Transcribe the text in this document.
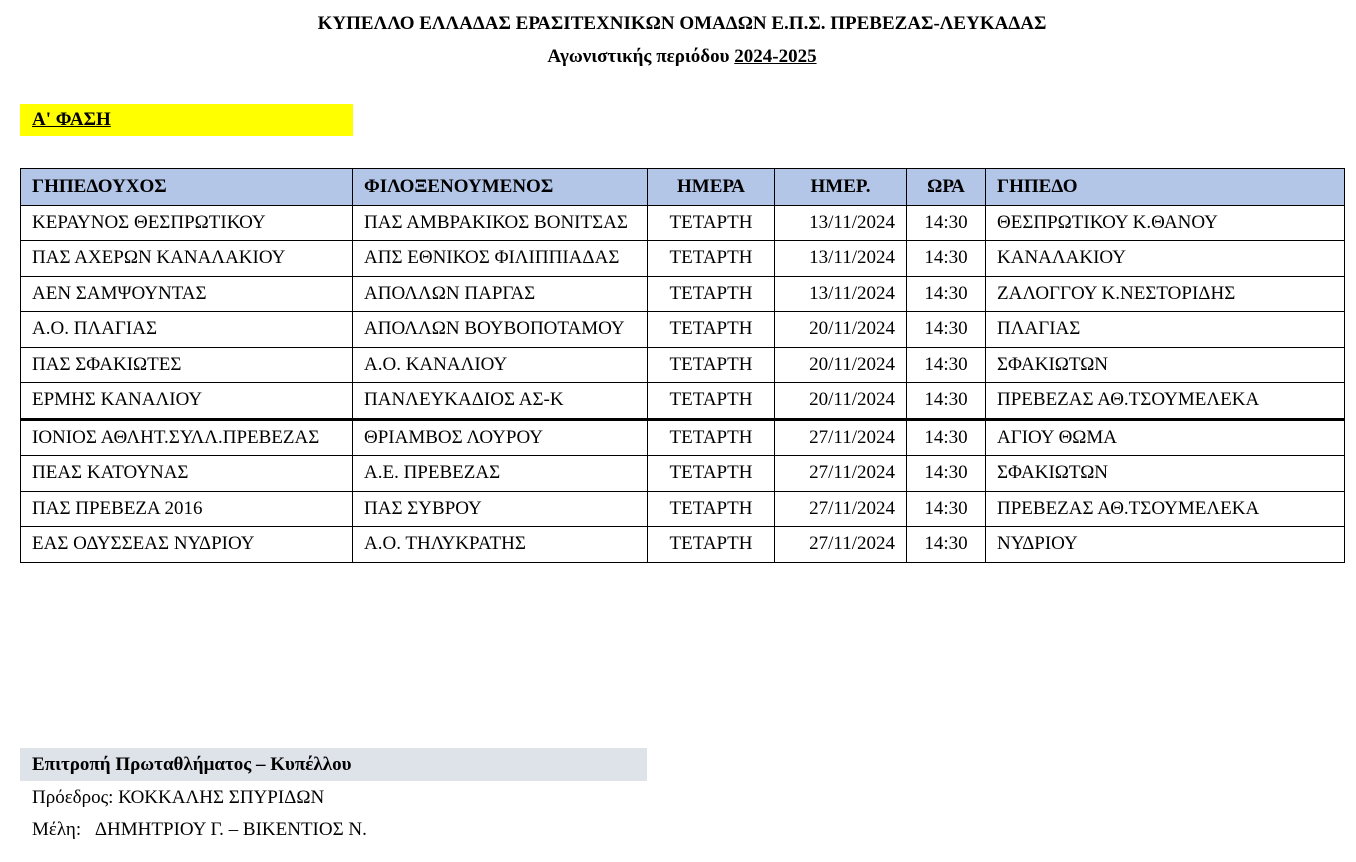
ΚΥΠΕΛΛΟ ΕΛΛΑΔΑΣ ΕΡΑΣΙΤΕΧΝΙΚΩΝ ΟΜΑΔΩΝ Ε.Π.Σ. ΠΡΕΒΕΖΑΣ-ΛΕΥΚΑΔΑΣ
Αγωνιστικής περιόδου 2024-2025
Α' ΦΑΣΗ
ΓΗΠΕΔΟΥΧΟΣ	ΦΙΛΟΞΕΝΟΥΜΕΝΟΣ	ΗΜΕΡΑ	ΗΜΕΡ.	ΩΡΑ	ΓΗΠΕΔΟ
ΚΕΡΑΥΝΟΣ ΘΕΣΠΡΩΤΙΚΟΥ	ΠΑΣ ΑΜΒΡΑΚΙΚΟΣ ΒΟΝΙΤΣΑΣ	ΤΕΤΑΡΤΗ	13/11/2024	14:30	ΘΕΣΠΡΩΤΙΚΟΥ Κ.ΘΑΝΟΥ
ΠΑΣ ΑΧΕΡΩΝ ΚΑΝΑΛΑΚΙΟΥ	ΑΠΣ ΕΘΝΙΚΟΣ ΦΙΛΙΠΠΙΑΔΑΣ	ΤΕΤΑΡΤΗ	13/11/2024	14:30	ΚΑΝΑΛΑΚΙΟΥ
ΑΕΝ ΣΑΜΨΟΥΝΤΑΣ	ΑΠΟΛΛΩΝ ΠΑΡΓΑΣ	ΤΕΤΑΡΤΗ	13/11/2024	14:30	ΖΑΛΟΓΓΟΥ Κ.ΝΕΣΤΟΡΙΔΗΣ
Α.Ο. ΠΛΑΓΙΑΣ	ΑΠΟΛΛΩΝ ΒΟΥΒΟΠΟΤΑΜΟΥ	ΤΕΤΑΡΤΗ	20/11/2024	14:30	ΠΛΑΓΙΑΣ
ΠΑΣ ΣΦΑΚΙΩΤΕΣ	Α.Ο. ΚΑΝΑΛΙΟΥ	ΤΕΤΑΡΤΗ	20/11/2024	14:30	ΣΦΑΚΙΩΤΩΝ
ΕΡΜΗΣ ΚΑΝΑΛΙΟΥ	ΠΑΝΛΕΥΚΑΔΙΟΣ ΑΣ-Κ	ΤΕΤΑΡΤΗ	20/11/2024	14:30	ΠΡΕΒΕΖΑΣ ΑΘ.ΤΣΟΥΜΕΛΕΚΑ
ΙΟΝΙΟΣ ΑΘΛΗΤ.ΣΥΛΛ.ΠΡΕΒΕΖΑΣ	ΘΡΙΑΜΒΟΣ ΛΟΥΡΟΥ	ΤΕΤΑΡΤΗ	27/11/2024	14:30	ΑΓΙΟΥ ΘΩΜΑ
ΠΕΑΣ ΚΑΤΟΥΝΑΣ	Α.Ε. ΠΡΕΒΕΖΑΣ	ΤΕΤΑΡΤΗ	27/11/2024	14:30	ΣΦΑΚΙΩΤΩΝ
ΠΑΣ ΠΡΕΒΕΖΑ 2016	ΠΑΣ ΣΥΒΡΟΥ	ΤΕΤΑΡΤΗ	27/11/2024	14:30	ΠΡΕΒΕΖΑΣ ΑΘ.ΤΣΟΥΜΕΛΕΚΑ
ΕΑΣ ΟΔΥΣΣΕΑΣ ΝΥΔΡΙΟΥ	Α.Ο. ΤΗΛΥΚΡΑΤΗΣ	ΤΕΤΑΡΤΗ	27/11/2024	14:30	ΝΥΔΡΙΟΥ
Επιτροπή Πρωταθλήματος – Κυπέλλου
Πρόεδρος: ΚΟΚΚΑΛΗΣ ΣΠΥΡΙΔΩΝ
Μέλη: ΔΗΜΗΤΡΙΟΥ Γ. – ΒΙΚΕΝΤΙΟΣ Ν.
